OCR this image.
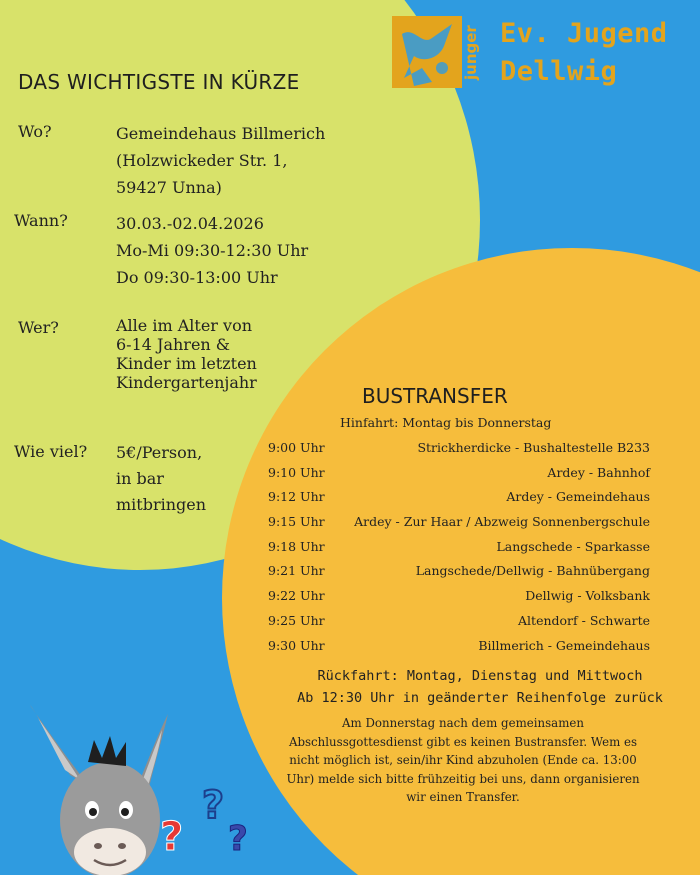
junger Ev. Jugend
Dellwig
DAS WICHTIGSTE IN KÜRZE
Wo?	Gemeindehaus Billmerich
(Holzwickeder Str. 1,
59427 Unna)
Wann?	30.03.-02.04.2026
Mo-Mi 09:30-12:30 Uhr
Do 09:30-13:00 Uhr
Wer?	Alle im Alter von
6-14 Jahren &
Kinder im letzten
Kindergartenjahr
Wie viel? 5€/Person,
in bar
mitbringen
BUSTRANSFER
Hinfahrt: Montag bis Donnerstag
9:00 Uhr	Strickherdicke - Bushaltestelle B233
9:10 Uhr	Ardey - Bahnhof
9:12 Uhr	Ardey - Gemeindehaus
9:15 Uhr Ardey - Zur Haar / Abzweig Sonnenbergschule
9:18 Uhr	Langschede - Sparkasse
9:21 Uhr	Langschede/Dellwig - Bahnübergang
9:22 Uhr	Dellwig - Volksbank
9:25 Uhr	Altendorf - Schwarte
9:30 Uhr	Billmerich - Gemeindehaus
Rückfahrt: Montag, Dienstag und Mittwoch
Ab 12:30 Uhr in geänderter Reihenfolge zurück
Am Donnerstag nach dem gemeinsamen Abschlussgottesdienst gibt es keinen Bustransfer. Wem es nicht möglich ist, sein/ihr Kind abzuholen (Ende ca. 13:00 Uhr) melde sich bitte frühzeitig bei uns, dann organisieren wir einen Transfer.
?
?
?
